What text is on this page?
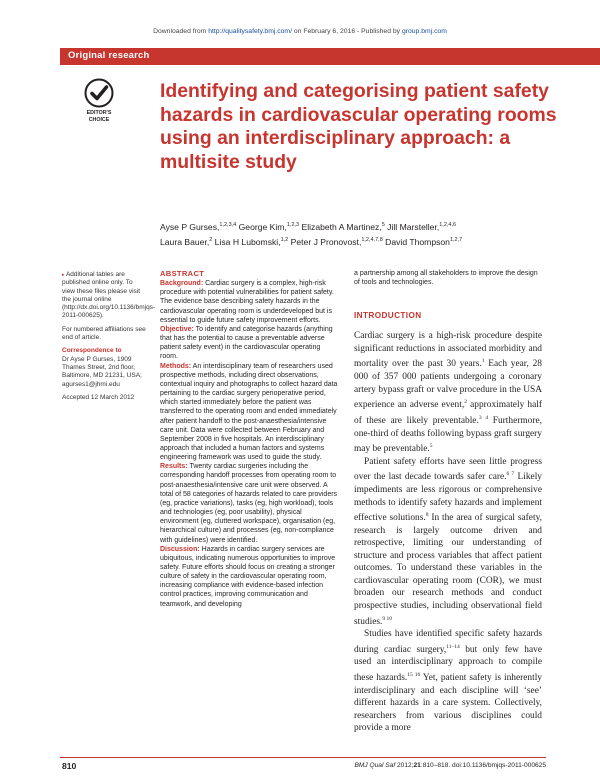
Downloaded from http://qualitysafety.bmj.com/ on February 6, 2016 - Published by group.bmj.com
Original research
EDITOR'S
CHOICE
Identifying and categorising patient safety hazards in cardiovascular operating rooms using an interdisciplinary approach: a multisite study
Ayse P Gurses,$^{1,2,3,4}$ George Kim,$^{1,2,3}$ Elizabeth A Martinez,$^5$ Jill Marsteller,$^{1,2,4,6}$
Laura Bauer,$^2$ Lisa H Lubomski,$^{1,2}$ Peter J Pronovost,$^{1,2,4,7,8}$ David Thompson$^{1,2,7}$

▸ Additional tables are published online only. To view these files please visit the journal online (http://dx.doi.org/10.1136/bmjqs-2011-000625).

For numbered affiliations see end of article.

Correspondence to

Dr Ayse P Gurses, 1909 Thames Street, 2nd floor, Baltimore, MD 21231, USA; agurses1@jhmi.edu

Accepted 12 March 2012

ABSTRACT

Background: Cardiac surgery is a complex, high-risk procedure with potential vulnerabilities for patient safety. The evidence base describing safety hazards in the cardiovascular operating room is underdeveloped but is essential to guide future safety improvement efforts.

Objective: To identify and categorise hazards (anything that has the potential to cause a preventable adverse patient safety event) in the cardiovascular operating room.

Methods: An interdisciplinary team of researchers used prospective methods, including direct observations, contextual inquiry and photographs to collect hazard data pertaining to the cardiac surgery perioperative period, which started immediately before the patient was transferred to the operating room and ended immediately after patient handoff to the post-anaesthesia/intensive care unit. Data were collected between February and September 2008 in five hospitals. An interdisciplinary approach that included a human factors and systems engineering framework was used to guide the study.

Results: Twenty cardiac surgeries including the corresponding handoff processes from operating room to post-anaesthesia/intensive care unit were observed. A total of 58 categories of hazards related to care providers (eg, practice variations), tasks (eg, high workload), tools and technologies (eg, poor usability), physical environment (eg, cluttered workspace), organisation (eg, hierarchical culture) and processes (eg, non-compliance with guidelines) were identified.

Discussion: Hazards in cardiac surgery services are ubiquitous, indicating numerous opportunities to improve safety. Future efforts should focus on creating a stronger culture of safety in the cardiovascular operating room, increasing compliance with evidence-based infection control practices, improving communication and teamwork, and developing

a partnership among all stakeholders to improve the design of tools and technologies.

INTRODUCTION

Cardiac surgery is a high-risk procedure despite significant reductions in associated morbidity and mortality over the past 30 years.$^1$ Each year, 28 000 of 357 000 patients undergoing a coronary artery bypass graft or valve procedure in the USA experience an adverse event,$^2$ approximately half of these are likely preventable.$^{3 4}$ Furthermore, one-third of deaths following bypass graft surgery may be preventable.$^5$

Patient safety efforts have seen little progress over the last decade towards safer care.$^{6 7}$ Likely impediments are less rigorous or comprehensive methods to identify safety hazards and implement effective solutions.$^8$ In the area of surgical safety, research is largely outcome driven and retrospective, limiting our understanding of structure and process variables that affect patient outcomes. To understand these variables in the cardiovascular operating room (COR), we must broaden our research methods and conduct prospective studies, including observational field studies.$^{9 10}$

Studies have identified specific safety hazards during cardiac surgery,$^{11-14}$ but only few have used an interdisciplinary approach to compile these hazards.$^{15 16}$ Yet, patient safety is inherently interdisciplinary and each discipline will ‘see’ different hazards in a care system. Collectively, researchers from various disciplines could provide a more

810	BMJ Qual Saf 2012;21:810–818. doi:10.1136/bmjqs-2011-000625
